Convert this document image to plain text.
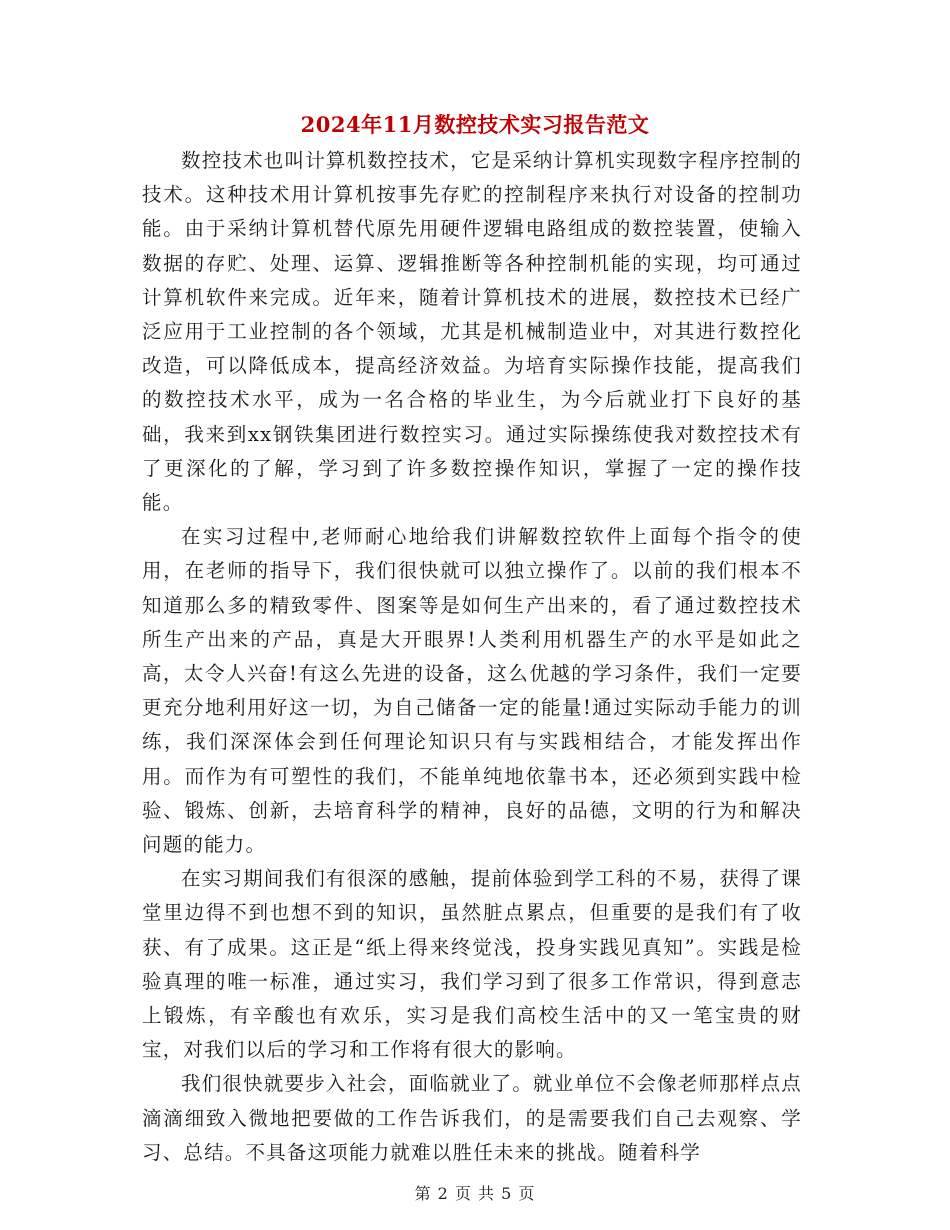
2024年11月数控技术实习报告范文

数控技术也叫计算机数控技术，它是采纳计算机实现数字程序控制的技术。这种技术用计算机按事先存贮的控制程序来执行对设备的控制功能。由于采纳计算机替代原先用硬件逻辑电路组成的数控装置，使输入数据的存贮、处理、运算、逻辑推断等各种控制机能的实现，均可通过计算机软件来完成。近年来，随着计算机技术的进展，数控技术已经广泛应用于工业控制的各个领域，尤其是机械制造业中，对其进行数控化改造，可以降低成本，提高经济效益。为培育实际操作技能，提高我们的数控技术水平，成为一名合格的毕业生，为今后就业打下良好的基础，我来到xx钢铁集团进行数控实习。通过实际操练使我对数控技术有了更深化的了解，学习到了许多数控操作知识，掌握了一定的操作技能。

在实习过程中,老师耐心地给我们讲解数控软件上面每个指令的使用，在老师的指导下，我们很快就可以独立操作了。以前的我们根本不知道那么多的精致零件、图案等是如何生产出来的，看了通过数控技术所生产出来的产品，真是大开眼界!人类利用机器生产的水平是如此之高，太令人兴奋!有这么先进的设备，这么优越的学习条件，我们一定要更充分地利用好这一切，为自己储备一定的能量!通过实际动手能力的训练，我们深深体会到任何理论知识只有与实践相结合，才能发挥出作用。而作为有可塑性的我们，不能单纯地依靠书本，还必须到实践中检验、锻炼、创新，去培育科学的精神，良好的品德，文明的行为和解决问题的能力。

在实习期间我们有很深的感触，提前体验到学工科的不易，获得了课堂里边得不到也想不到的知识，虽然脏点累点，但重要的是我们有了收获、有了成果。这正是“纸上得来终觉浅，投身实践见真知”。实践是检验真理的唯一标准，通过实习，我们学习到了很多工作常识，得到意志上锻炼，有辛酸也有欢乐，实习是我们高校生活中的又一笔宝贵的财宝，对我们以后的学习和工作将有很大的影响。

我们很快就要步入社会，面临就业了。就业单位不会像老师那样点点滴滴细致入微地把要做的工作告诉我们，的是需要我们自己去观察、学习、总结。不具备这项能力就难以胜任未来的挑战。随着科学

第 2 页 共 5 页
